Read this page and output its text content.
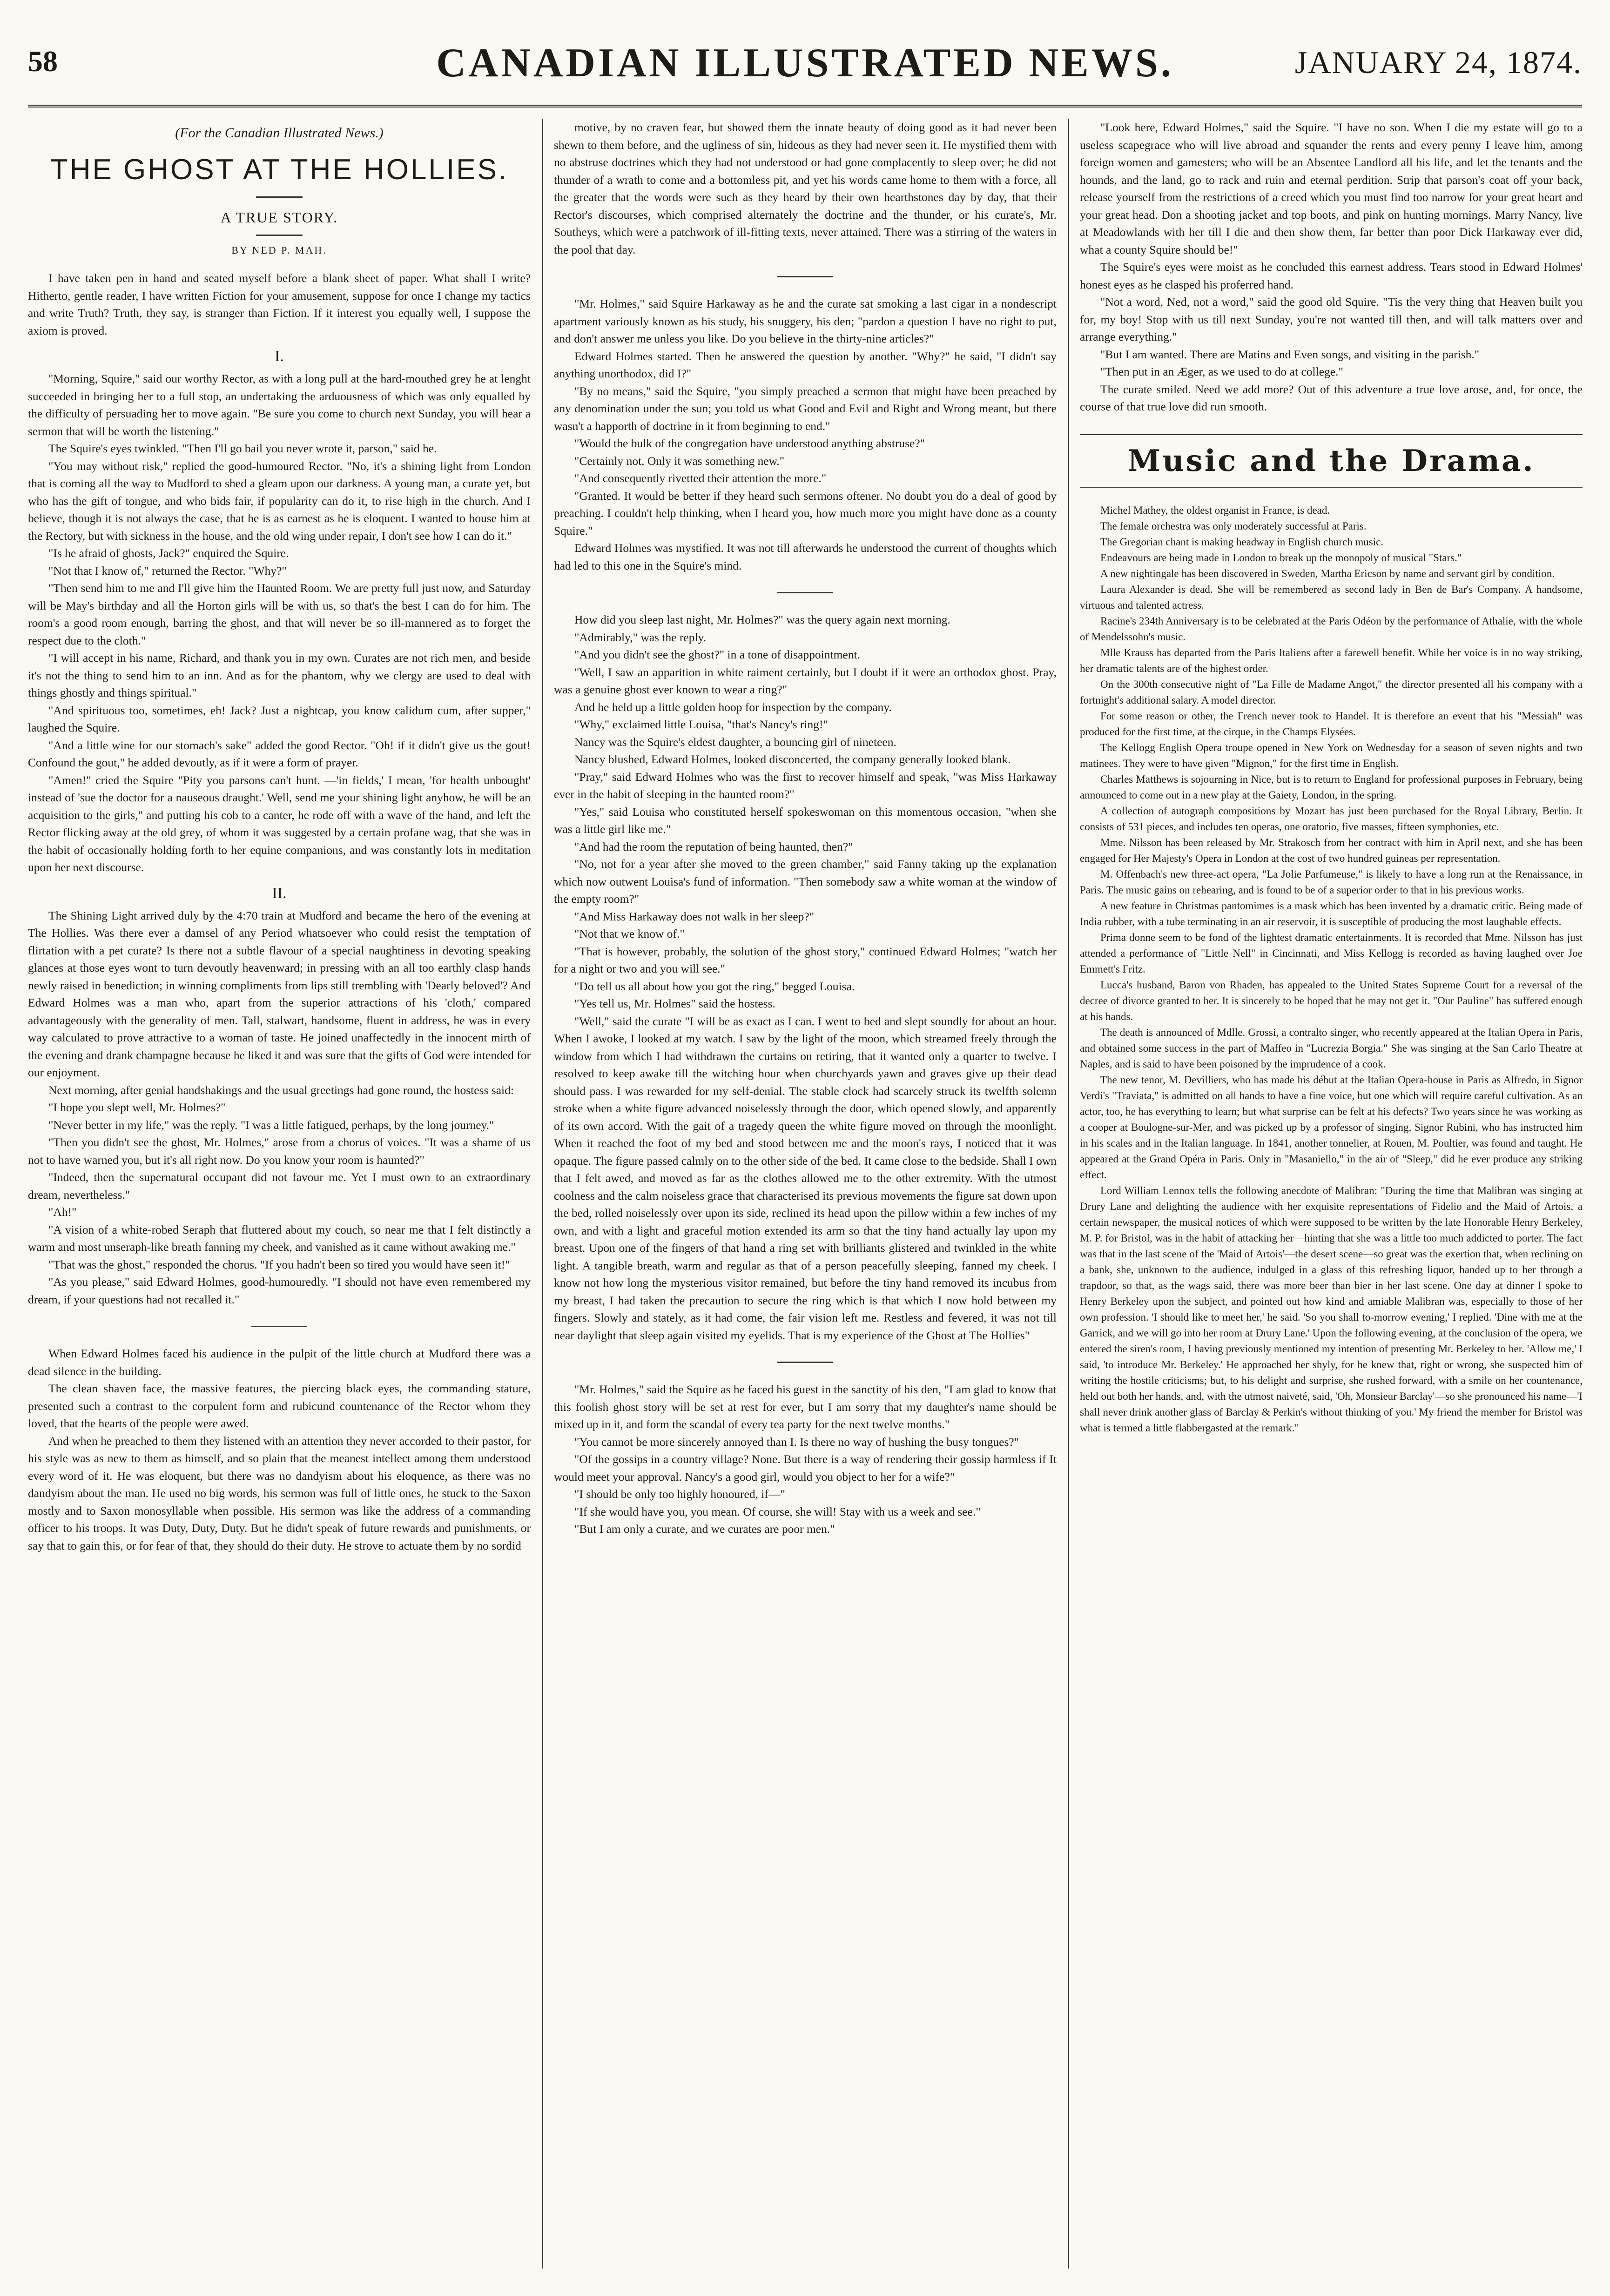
58	CANADIAN ILLUSTRATED NEWS.	JANUARY 24, 1874.
(For the Canadian Illustrated News.)
THE GHOST AT THE HOLLIES.
A TRUE STORY.
BY NED P. MAH.

I have taken pen in hand and seated myself before a blank sheet of paper. What shall I write? Hitherto, gentle reader, I have written Fiction for your amusement, suppose for once I change my tactics and write Truth? Truth, they say, is stranger than Fiction. If it interest you equally well, I suppose the axiom is proved.

I.

"Morning, Squire," said our worthy Rector, as with a long pull at the hard-mouthed grey he at lenght succeeded in bringing her to a full stop, an undertaking the arduousness of which was only equalled by the difficulty of persuading her to move again. "Be sure you come to church next Sunday, you will hear a sermon that will be worth the listening."

The Squire's eyes twinkled. "Then I'll go bail you never wrote it, parson," said he.

"You may without risk," replied the good-humoured Rector. "No, it's a shining light from London that is coming all the way to Mudford to shed a gleam upon our darkness. A young man, a curate yet, but who has the gift of tongue, and who bids fair, if popularity can do it, to rise high in the church. And I believe, though it is not always the case, that he is as earnest as he is eloquent. I wanted to house him at the Rectory, but with sickness in the house, and the old wing under repair, I don't see how I can do it."

"Is he afraid of ghosts, Jack?" enquired the Squire.

"Not that I know of," returned the Rector. "Why?"

"Then send him to me and I'll give him the Haunted Room. We are pretty full just now, and Saturday will be May's birthday and all the Horton girls will be with us, so that's the best I can do for him. The room's a good room enough, barring the ghost, and that will never be so ill-mannered as to forget the respect due to the cloth."

"I will accept in his name, Richard, and thank you in my own. Curates are not rich men, and beside it's not the thing to send him to an inn. And as for the phantom, why we clergy are used to deal with things ghostly and things spiritual."

"And spirituous too, sometimes, eh! Jack? Just a nightcap, you know calidum cum, after supper," laughed the Squire.

"And a little wine for our stomach's sake" added the good Rector. "Oh! if it didn't give us the gout! Confound the gout," he added devoutly, as if it were a form of prayer.

"Amen!" cried the Squire "Pity you parsons can't hunt. —'in fields,' I mean, 'for health unbought' instead of 'sue the doctor for a nauseous draught.' Well, send me your shining light anyhow, he will be an acquisition to the girls," and putting his cob to a canter, he rode off with a wave of the hand, and left the Rector flicking away at the old grey, of whom it was suggested by a certain profane wag, that she was in the habit of occasionally holding forth to her equine companions, and was constantly lots in meditation upon her next discourse.

II.

The Shining Light arrived duly by the 4:70 train at Mudford and became the hero of the evening at The Hollies. Was there ever a damsel of any Period whatsoever who could resist the temptation of flirtation with a pet curate? Is there not a subtle flavour of a special naughtiness in devoting speaking glances at those eyes wont to turn devoutly heavenward; in pressing with an all too earthly clasp hands newly raised in benediction; in winning compliments from lips still trembling with 'Dearly beloved'? And Edward Holmes was a man who, apart from the superior attractions of his 'cloth,' compared advantageously with the generality of men. Tall, stalwart, handsome, fluent in address, he was in every way calculated to prove attractive to a woman of taste. He joined unaffectedly in the innocent mirth of the evening and drank champagne because he liked it and was sure that the gifts of God were intended for our enjoyment.

Next morning, after genial handshakings and the usual greetings had gone round, the hostess said:

"I hope you slept well, Mr. Holmes?"

"Never better in my life," was the reply. "I was a little fatigued, perhaps, by the long journey."

"Then you didn't see the ghost, Mr. Holmes," arose from a chorus of voices. "It was a shame of us not to have warned you, but it's all right now. Do you know your room is haunted?"

"Indeed, then the supernatural occupant did not favour me. Yet I must own to an extraordinary dream, nevertheless."

"Ah!"

"A vision of a white-robed Seraph that fluttered about my couch, so near me that I felt distinctly a warm and most unseraph-like breath fanning my cheek, and vanished as it came without awaking me."

"That was the ghost," responded the chorus. "If you hadn't been so tired you would have seen it!"

"As you please," said Edward Holmes, good-humouredly. "I should not have even remembered my dream, if your questions had not recalled it."

When Edward Holmes faced his audience in the pulpit of the little church at Mudford there was a dead silence in the building.

The clean shaven face, the massive features, the piercing black eyes, the commanding stature, presented such a contrast to the corpulent form and rubicund countenance of the Rector whom they loved, that the hearts of the people were awed.

And when he preached to them they listened with an attention they never accorded to their pastor, for his style was as new to them as himself, and so plain that the meanest intellect among them understood every word of it. He was eloquent, but there was no dandyism about his eloquence, as there was no dandyism about the man. He used no big words, his sermon was full of little ones, he stuck to the Saxon mostly and to Saxon monosyllable when possible. His sermon was like the address of a commanding officer to his troops. It was Duty, Duty, Duty. But he didn't speak of future rewards and punishments, or say that to gain this, or for fear of that, they should do their duty. He strove to actuate them by no sordid

motive, by no craven fear, but showed them the innate beauty of doing good as it had never been shewn to them before, and the ugliness of sin, hideous as they had never seen it. He mystified them with no abstruse doctrines which they had not understood or had gone complacently to sleep over; he did not thunder of a wrath to come and a bottomless pit, and yet his words came home to them with a force, all the greater that the words were such as they heard by their own hearthstones day by day, that their Rector's discourses, which comprised alternately the doctrine and the thunder, or his curate's, Mr. Southeys, which were a patchwork of ill-fitting texts, never attained. There was a stirring of the waters in the pool that day.

"Mr. Holmes," said Squire Harkaway as he and the curate sat smoking a last cigar in a nondescript apartment variously known as his study, his snuggery, his den; "pardon a question I have no right to put, and don't answer me unless you like. Do you believe in the thirty-nine articles?"

Edward Holmes started. Then he answered the question by another. "Why?" he said, "I didn't say anything unorthodox, did I?"

"By no means," said the Squire, "you simply preached a sermon that might have been preached by any denomination under the sun; you told us what Good and Evil and Right and Wrong meant, but there wasn't a happorth of doctrine in it from beginning to end."

"Would the bulk of the congregation have understood anything abstruse?"

"Certainly not. Only it was something new."

"And consequently rivetted their attention the more."

"Granted. It would be better if they heard such sermons oftener. No doubt you do a deal of good by preaching. I couldn't help thinking, when I heard you, how much more you might have done as a county Squire."

Edward Holmes was mystified. It was not till afterwards he understood the current of thoughts which had led to this one in the Squire's mind.

How did you sleep last night, Mr. Holmes?" was the query again next morning.

"Admirably," was the reply.

"And you didn't see the ghost?" in a tone of disappointment.

"Well, I saw an apparition in white raiment certainly, but I doubt if it were an orthodox ghost. Pray, was a genuine ghost ever known to wear a ring?"

And he held up a little golden hoop for inspection by the company.

"Why," exclaimed little Louisa, "that's Nancy's ring!"

Nancy was the Squire's eldest daughter, a bouncing girl of nineteen.

Nancy blushed, Edward Holmes, looked disconcerted, the company generally looked blank.

"Pray," said Edward Holmes who was the first to recover himself and speak, "was Miss Harkaway ever in the habit of sleeping in the haunted room?"

"Yes," said Louisa who constituted herself spokeswoman on this momentous occasion, "when she was a little girl like me."

"And had the room the reputation of being haunted, then?"

"No, not for a year after she moved to the green chamber," said Fanny taking up the explanation which now outwent Louisa's fund of information. "Then somebody saw a white woman at the window of the empty room?"

"And Miss Harkaway does not walk in her sleep?"

"Not that we know of."

"That is however, probably, the solution of the ghost story," continued Edward Holmes; "watch her for a night or two and you will see."

"Do tell us all about how you got the ring," begged Louisa.

"Yes tell us, Mr. Holmes" said the hostess.

"Well," said the curate "I will be as exact as I can. I went to bed and slept soundly for about an hour. When I awoke, I looked at my watch. I saw by the light of the moon, which streamed freely through the window from which I had withdrawn the curtains on retiring, that it wanted only a quarter to twelve. I resolved to keep awake till the witching hour when churchyards yawn and graves give up their dead should pass. I was rewarded for my self-denial. The stable clock had scarcely struck its twelfth solemn stroke when a white figure advanced noiselessly through the door, which opened slowly, and apparently of its own accord. With the gait of a tragedy queen the white figure moved on through the moonlight. When it reached the foot of my bed and stood between me and the moon's rays, I noticed that it was opaque. The figure passed calmly on to the other side of the bed. It came close to the bedside. Shall I own that I felt awed, and moved as far as the clothes allowed me to the other extremity. With the utmost coolness and the calm noiseless grace that characterised its previous movements the figure sat down upon the bed, rolled noiselessly over upon its side, reclined its head upon the pillow within a few inches of my own, and with a light and graceful motion extended its arm so that the tiny hand actually lay upon my breast. Upon one of the fingers of that hand a ring set with brilliants glistered and twinkled in the white light. A tangible breath, warm and regular as that of a person peacefully sleeping, fanned my cheek. I know not how long the mysterious visitor remained, but before the tiny hand removed its incubus from my breast, I had taken the precaution to secure the ring which is that which I now hold between my fingers. Slowly and stately, as it had come, the fair vision left me. Restless and fevered, it was not till near daylight that sleep again visited my eyelids. That is my experience of the Ghost at The Hollies"

"Mr. Holmes," said the Squire as he faced his guest in the sanctity of his den, "I am glad to know that this foolish ghost story will be set at rest for ever, but I am sorry that my daughter's name should be mixed up in it, and form the scandal of every tea party for the next twelve months."

"You cannot be more sincerely annoyed than I. Is there no way of hushing the busy tongues?"

"Of the gossips in a country village? None. But there is a way of rendering their gossip harmless if It would meet your approval. Nancy's a good girl, would you object to her for a wife?"

"I should be only too highly honoured, if—"

"If she would have you, you mean. Of course, she will! Stay with us a week and see."

"But I am only a curate, and we curates are poor men."

"Look here, Edward Holmes," said the Squire. "I have no son. When I die my estate will go to a useless scapegrace who will live abroad and squander the rents and every penny I leave him, among foreign women and gamesters; who will be an Absentee Landlord all his life, and let the tenants and the hounds, and the land, go to rack and ruin and eternal perdition. Strip that parson's coat off your back, release yourself from the restrictions of a creed which you must find too narrow for your great heart and your great head. Don a shooting jacket and top boots, and pink on hunting mornings. Marry Nancy, live at Meadowlands with her till I die and then show them, far better than poor Dick Harkaway ever did, what a county Squire should be!"

The Squire's eyes were moist as he concluded this earnest address. Tears stood in Edward Holmes' honest eyes as he clasped his proferred hand.

"Not a word, Ned, not a word," said the good old Squire. "Tis the very thing that Heaven built you for, my boy! Stop with us till next Sunday, you're not wanted till then, and will talk matters over and arrange everything."

"But I am wanted. There are Matins and Even songs, and visiting in the parish."

"Then put in an Æger, as we used to do at college."

The curate smiled. Need we add more? Out of this adventure a true love arose, and, for once, the course of that true love did run smooth.

Music and the Drama.

Michel Mathey, the oldest organist in France, is dead.

The female orchestra was only moderately successful at Paris.

The Gregorian chant is making headway in English church music.

Endeavours are being made in London to break up the monopoly of musical "Stars."

A new nightingale has been discovered in Sweden, Martha Ericson by name and servant girl by condition.

Laura Alexander is dead. She will be remembered as second lady in Ben de Bar's Company. A handsome, virtuous and talented actress.

Racine's 234th Anniversary is to be celebrated at the Paris Odéon by the performance of Athalie, with the whole of Mendelssohn's music.

Mlle Krauss has departed from the Paris Italiens after a farewell benefit. While her voice is in no way striking, her dramatic talents are of the highest order.

On the 300th consecutive night of "La Fille de Madame Angot," the director presented all his company with a fortnight's additional salary. A model director.

For some reason or other, the French never took to Handel. It is therefore an event that his "Messiah" was produced for the first time, at the cirque, in the Champs Elysées.

The Kellogg English Opera troupe opened in New York on Wednesday for a season of seven nights and two matinees. They were to have given "Mignon," for the first time in English.

Charles Matthews is sojourning in Nice, but is to return to England for professional purposes in February, being announced to come out in a new play at the Gaiety, London, in the spring.

A collection of autograph compositions by Mozart has just been purchased for the Royal Library, Berlin. It consists of 531 pieces, and includes ten operas, one oratorio, five masses, fifteen symphonies, etc.

Mme. Nilsson has been released by Mr. Strakosch from her contract with him in April next, and she has been engaged for Her Majesty's Opera in London at the cost of two hundred guineas per representation.

M. Offenbach's new three-act opera, "La Jolie Parfumeuse," is likely to have a long run at the Renaissance, in Paris. The music gains on rehearing, and is found to be of a superior order to that in his previous works.

A new feature in Christmas pantomimes is a mask which has been invented by a dramatic critic. Being made of India rubber, with a tube terminating in an air reservoir, it is susceptible of producing the most laughable effects.

Prima donne seem to be fond of the lightest dramatic entertainments. It is recorded that Mme. Nilsson has just attended a performance of "Little Nell" in Cincinnati, and Miss Kellogg is recorded as having laughed over Joe Emmett's Fritz.

Lucca's husband, Baron von Rhaden, has appealed to the United States Supreme Court for a reversal of the decree of divorce granted to her. It is sincerely to be hoped that he may not get it. "Our Pauline" has suffered enough at his hands.

The death is announced of Mdlle. Grossi, a contralto singer, who recently appeared at the Italian Opera in Paris, and obtained some success in the part of Maffeo in "Lucrezia Borgia." She was singing at the San Carlo Theatre at Naples, and is said to have been poisoned by the imprudence of a cook.

The new tenor, M. Devilliers, who has made his début at the Italian Opera-house in Paris as Alfredo, in Signor Verdi's "Traviata," is admitted on all hands to have a fine voice, but one which will require careful cultivation. As an actor, too, he has everything to learn; but what surprise can be felt at his defects? Two years since he was working as a cooper at Boulogne-sur-Mer, and was picked up by a professor of singing, Signor Rubini, who has instructed him in his scales and in the Italian language. In 1841, another tonnelier, at Rouen, M. Poultier, was found and taught. He appeared at the Grand Opéra in Paris. Only in "Masaniello," in the air of "Sleep," did he ever produce any striking effect.

Lord William Lennox tells the following anecdote of Malibran: "During the time that Malibran was singing at Drury Lane and delighting the audience with her exquisite representations of Fidelio and the Maid of Artois, a certain newspaper, the musical notices of which were supposed to be written by the late Honorable Henry Berkeley, M. P. for Bristol, was in the habit of attacking her—hinting that she was a little too much addicted to porter. The fact was that in the last scene of the 'Maid of Artois'—the desert scene—so great was the exertion that, when reclining on a bank, she, unknown to the audience, indulged in a glass of this refreshing liquor, handed up to her through a trapdoor, so that, as the wags said, there was more beer than bier in her last scene. One day at dinner I spoke to Henry Berkeley upon the subject, and pointed out how kind and amiable Malibran was, especially to those of her own profession. 'I should like to meet her,' he said. 'So you shall to-morrow evening,' I replied. 'Dine with me at the Garrick, and we will go into her room at Drury Lane.' Upon the following evening, at the conclusion of the opera, we entered the siren's room, I having previously mentioned my intention of presenting Mr. Berkeley to her. 'Allow me,' I said, 'to introduce Mr. Berkeley.' He approached her shyly, for he knew that, right or wrong, she suspected him of writing the hostile criticisms; but, to his delight and surprise, she rushed forward, with a smile on her countenance, held out both her hands, and, with the utmost naiveté, said, 'Oh, Monsieur Barclay'—so she pronounced his name—'I shall never drink another glass of Barclay & Perkin's without thinking of you.' My friend the member for Bristol was what is termed a little flabbergasted at the remark."
